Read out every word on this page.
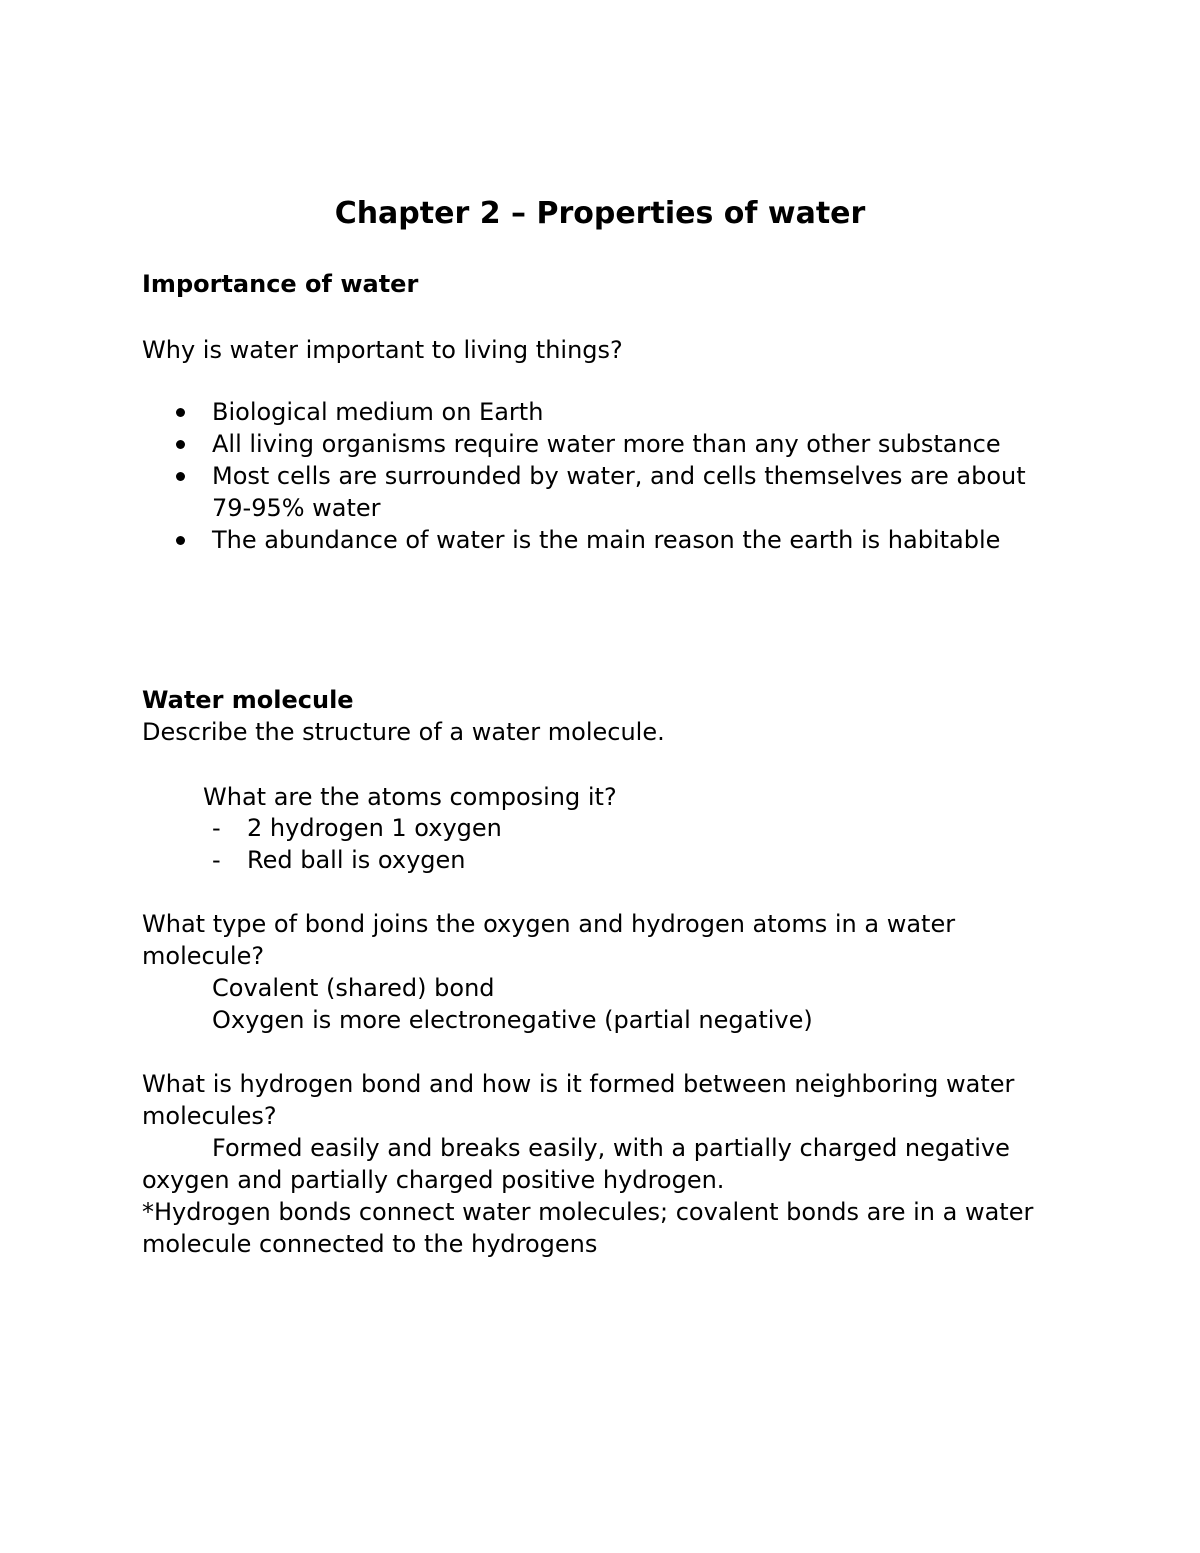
Chapter 2 – Properties of water
Importance of water
Why is water important to living things?
Biological medium on Earth
All living organisms require water more than any other substance
Most cells are surrounded by water, and cells themselves are about 79-95% water
The abundance of water is the main reason the earth is habitable
Water molecule
Describe the structure of a water molecule.
What are the atoms composing it?
- 2 hydrogen 1 oxygen
- Red ball is oxygen
What type of bond joins the oxygen and hydrogen atoms in a water molecule?
Covalent (shared) bond
Oxygen is more electronegative (partial negative)
What is hydrogen bond and how is it formed between neighboring water molecules?
Formed easily and breaks easily, with a partially charged negative oxygen and partially charged positive hydrogen.
*Hydrogen bonds connect water molecules; covalent bonds are in a water molecule connected to the hydrogens
